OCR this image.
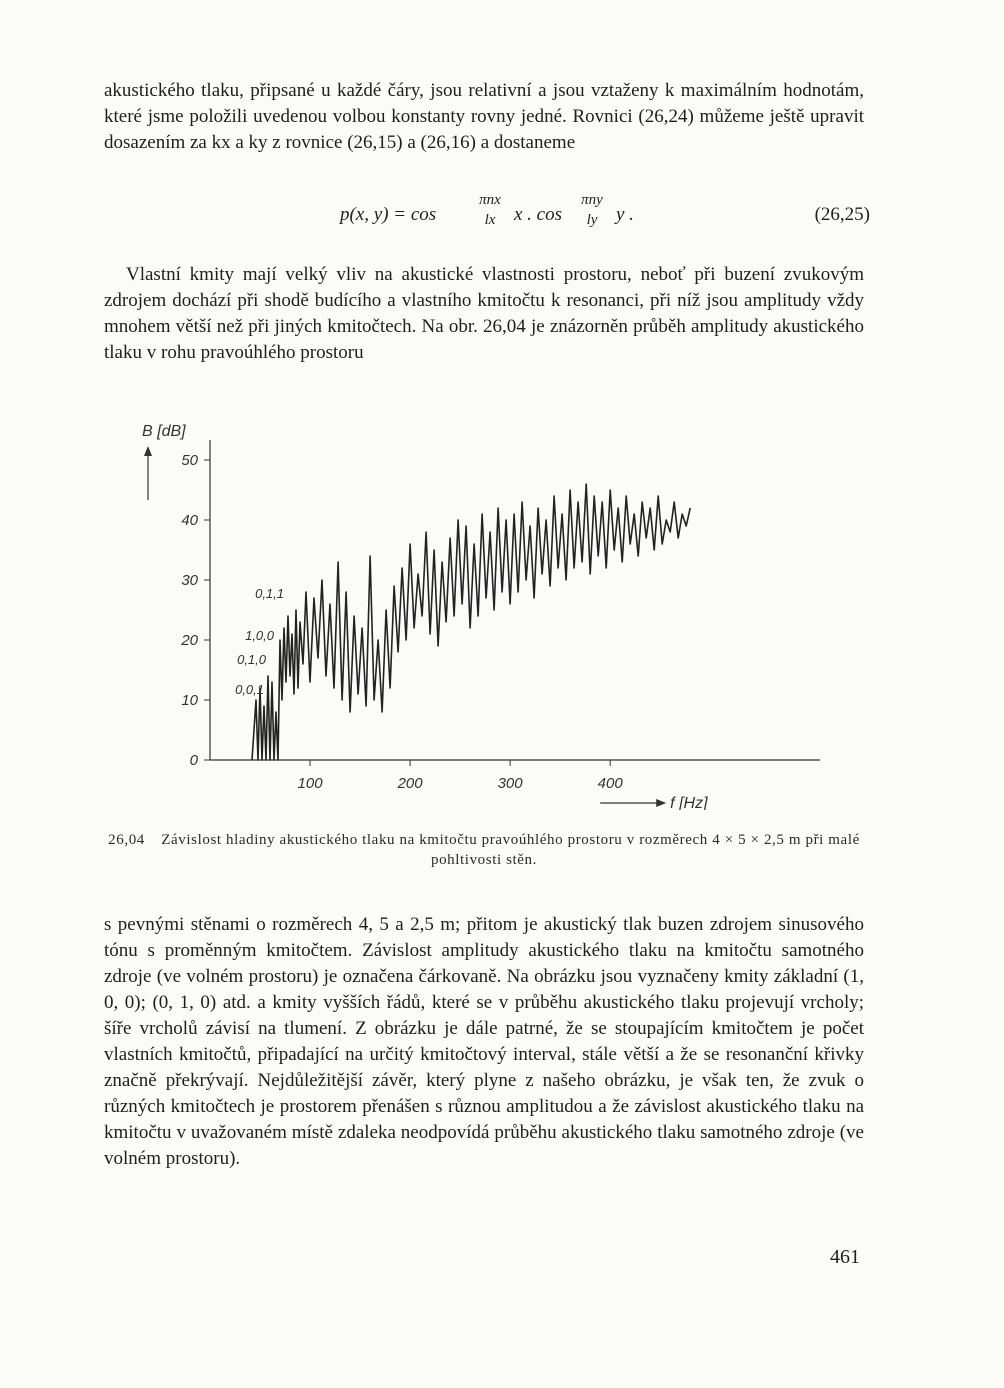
akustického tlaku, připsané u každé čáry, jsou relativní a jsou vztaženy k maximálním hodnotám, které jsme položili uvedenou volbou konstanty rovny jedné. Rovnici (26,24) můžeme ještě upravit dosazením za kx a ky z rovnice (26,15) a (26,16) a dostaneme

p(x, y) = cos
πnx
lx x . cos
πny
ly y .	(26,25)

Vlastní kmity mají velký vliv na akustické vlastnosti prostoru, neboť při buzení zvukovým zdrojem dochází při shodě budícího a vlastního kmitočtu k resonanci, při níž jsou amplitudy vždy mnohem větší než při jiných kmitočtech. Na obr. 26,04 je znázorněn průběh amplitudy akustického tlaku v rohu pravoúhlého prostoru

0
10
20
30
40
50
100	200	300	400
0,0,1
0,1,0
1,0,0
0,1,1
B [dB]
f [Hz]
26,04 Závislost hladiny akustického tlaku na kmitočtu pravoúhlého prostoru v rozměrech 4 × 5 × 2,5 m při malé pohltivosti stěn.

s pevnými stěnami o rozměrech 4, 5 a 2,5 m; přitom je akustický tlak buzen zdrojem sinusového tónu s proměnným kmitočtem. Závislost amplitudy akustického tlaku na kmitočtu samotného zdroje (ve volném prostoru) je označena čárkovaně. Na obrázku jsou vyznačeny kmity základní (1, 0, 0); (0, 1, 0) atd. a kmity vyšších řádů, které se v průběhu akustického tlaku projevují vrcholy; šíře vrcholů závisí na tlumení. Z obrázku je dále patrné, že se stoupajícím kmitočtem je počet vlastních kmitočtů, připadající na určitý kmitočtový interval, stále větší a že se resonanční křivky značně překrývají. Nejdůležitější závěr, který plyne z našeho obrázku, je však ten, že zvuk o různých kmitočtech je prostorem přenášen s různou amplitudou a že závislost akustického tlaku na kmitočtu v uvažovaném místě zdaleka neodpovídá průběhu akustického tlaku samotného zdroje (ve volném prostoru).

461
